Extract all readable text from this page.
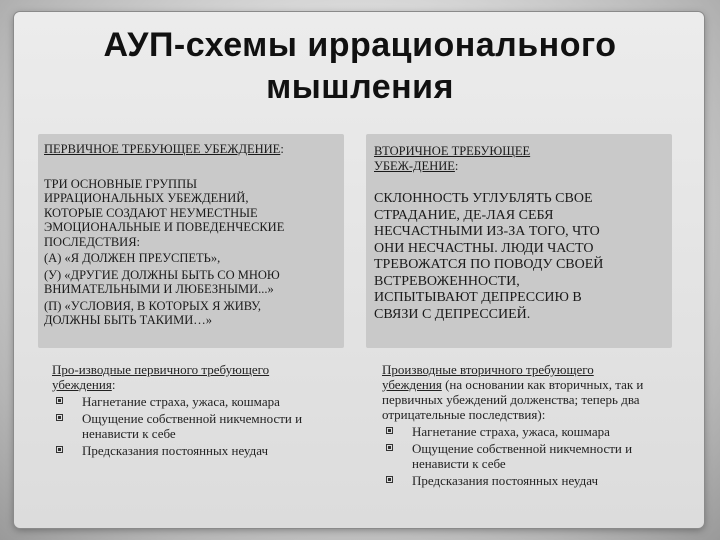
АУП-схемы иррационального
мышления
ПЕРВИЧНОЕ ТРЕБУЮЩЕЕ УБЕЖДЕНИЕ:
ТРИ ОСНОВНЫЕ ГРУППЫ
ИРРАЦИОНАЛЬНЫХ УБЕЖДЕНИЙ,
КОТОРЫЕ СОЗДАЮТ НЕУМЕСТНЫЕ
ЭМОЦИОНАЛЬНЫЕ И ПОВЕДЕНЧЕСКИЕ
ПОСЛЕДСТВИЯ:
(А) «Я ДОЛЖЕН ПРЕУСПЕТЬ»,
(У) «ДРУГИЕ ДОЛЖНЫ БЫТЬ СО МНОЮ
ВНИМАТЕЛЬНЫМИ И ЛЮБЕЗНЫМИ...»
(П) «УСЛОВИЯ, В КОТОРЫХ Я ЖИВУ,
ДОЛЖНЫ БЫТЬ ТАКИМИ…»
ВТОРИЧНОЕ ТРЕБУЮЩЕЕ
УБЕЖ-ДЕНИЕ:
СКЛОННОСТЬ УГЛУБЛЯТЬ СВОЕ
СТРАДАНИЕ, ДЕ-ЛАЯ СЕБЯ
НЕСЧАСТНЫМИ ИЗ-ЗА ТОГО, ЧТО
ОНИ НЕСЧАСТНЫ. ЛЮДИ ЧАСТО
ТРЕВОЖАТСЯ ПО ПОВОДУ СВОЕЙ
ВСТРЕВОЖЕННОСТИ,
ИСПЫТЫВАЮТ ДЕПРЕССИЮ В
СВЯЗИ С ДЕПРЕССИЕЙ.
Про-изводные первичного требующего
убеждения:
Нагнетание страха, ужаса, кошмара
Ощущение собственной никчемности и ненависти к себе
Предсказания постоянных неудач
Производные вторичного требующего
убеждения (на основании как вторичных, так и первичных убеждений долженства; теперь два отрицательные последствия):
Нагнетание страха, ужаса, кошмара
Ощущение собственной никчемности и ненависти к себе
Предсказания постоянных неудач
